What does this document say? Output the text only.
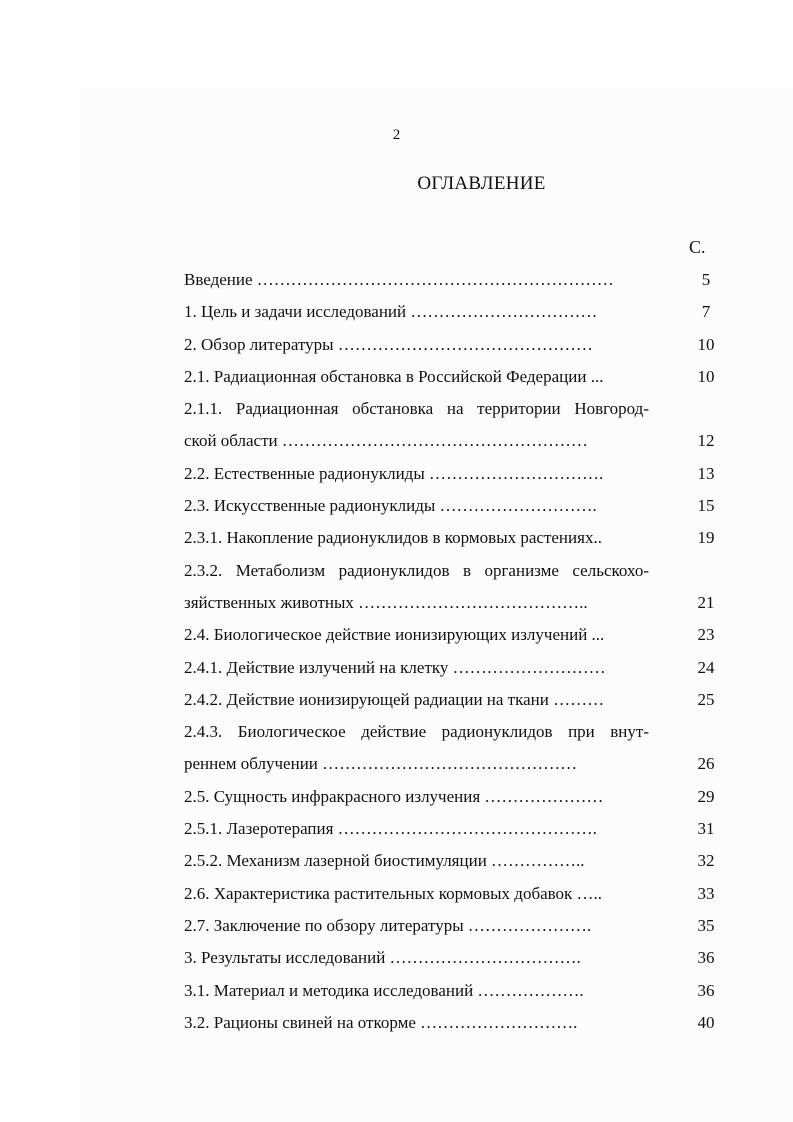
2
ОГЛАВЛЕНИЕ
С.
Введение ………………………………………………………	5
1. Цель и задачи исследований ……………………………	7
2. Обзор литературы ………………………………………	10
2.1. Радиационная обстановка в Российской Федерации ...	10
2.1.1. Радиационная обстановка на территории Новгород-
ской области ………………………………………………	12
2.2. Естественные радионуклиды ………………………….	13
2.3. Искусственные радионуклиды ……………………….	15
2.3.1. Накопление радионуклидов в кормовых растениях..	19
2.3.2. Метаболизм радионуклидов в организме сельскохо-
зяйственных животных …………………………………..	21
2.4. Биологическое действие ионизирующих излучений ...	23
2.4.1. Действие излучений на клетку ………………………	24
2.4.2. Действие ионизирующей радиации на ткани ………	25
2.4.3. Биологическое действие радионуклидов при внут-
реннем облучении ………………………………………	26
2.5. Сущность инфракрасного излучения …………………	29
2.5.1. Лазеротерапия ……………………………………….	31
2.5.2. Механизм лазерной биостимуляции ……………..	32
2.6. Характеристика растительных кормовых добавок …..	33
2.7. Заключение по обзору литературы ………………….	35
3. Результаты исследований …………………………….	36
3.1. Материал и методика исследований ……………….	36
3.2. Рационы свиней на откорме ……………………….	40
